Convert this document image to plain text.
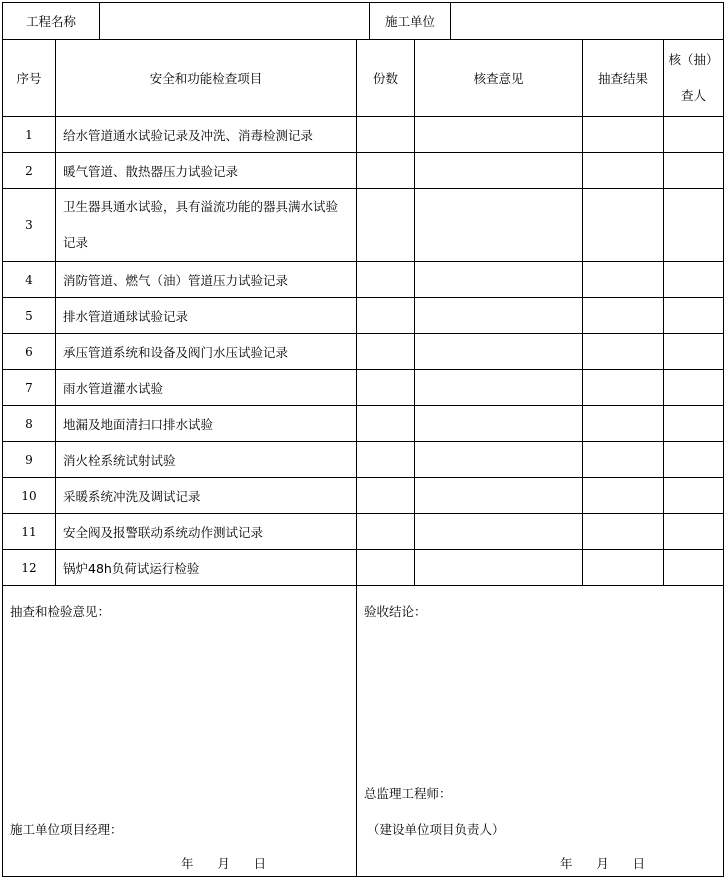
工程名称		施工单位	
序号	安全和功能检查项目	份数	核查意见	抽查结果	核（抽）
查人

1	给水管道通水试验记录及冲洗、消毒检测记录				
2	暖气管道、散热器压力试验记录				
3	卫生器具通水试验，具有溢流功能的器具满水试验记录				
4	消防管道、燃气（油）管道压力试验记录				
5	排水管道通球试验记录				
6	承压管道系统和设备及阀门水压试验记录				
7	雨水管道灌水试验				
8	地漏及地面清扫口排水试验				
9	消火栓系统试射试验				
10	采暖系统冲洗及调试记录				
11	安全阀及报警联动系统动作测试记录				
12	锅炉48h负荷试运行检验				
抽查和检验意见：
施工单位项目经理：
年      月      日

验收结论：
总监理工程师：
（建设单位项目负责人）
年      月      日
